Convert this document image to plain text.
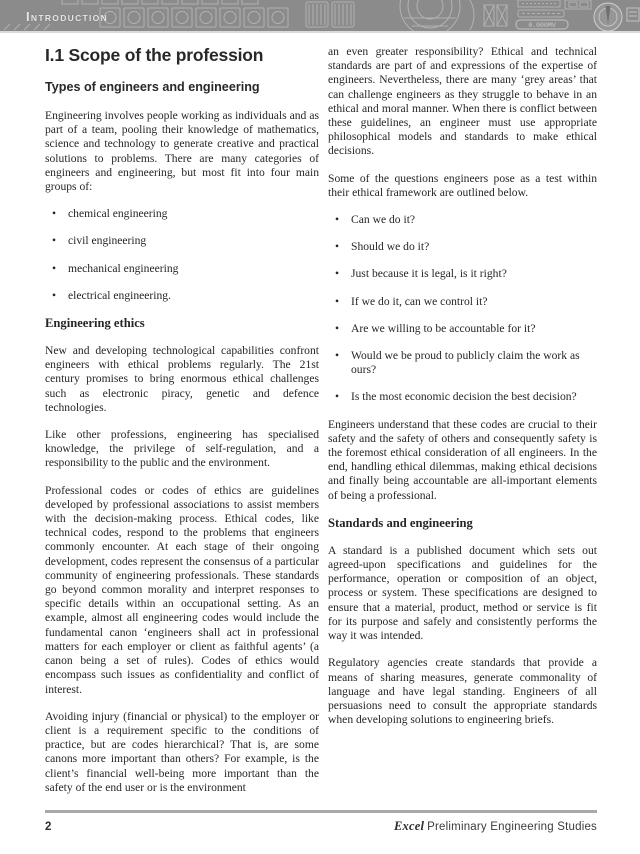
0.000MV
INTRODUCTION
I.1 Scope of the profession
Types of engineers and engineering

Engineering involves people working as individuals and as part of a team, pooling their knowledge of mathematics, science and technology to generate creative and practical solutions to problems. There are many categories of engineers and engineering, but most fit into four main groups of:

• chemical engineering
• civil engineering
• mechanical engineering
• electrical engineering.
Engineering ethics

New and developing technological capabilities confront engineers with ethical problems regularly. The 21st century promises to bring enormous ethical challenges such as electronic piracy, genetic and defence technologies.

Like other professions, engineering has specialised knowledge, the privilege of self-regulation, and a responsibility to the public and the environment.

Professional codes or codes of ethics are guidelines developed by professional associations to assist members with the decision-making process. Ethical codes, like technical codes, respond to the problems that engineers commonly encounter. At each stage of their ongoing development, codes represent the consensus of a particular community of engineering professionals. These standards go beyond common morality and interpret responses to specific details within an occupational setting. As an example, almost all engineering codes would include the fundamental canon ‘engineers shall act in professional matters for each employer or client as faithful agents’ (a canon being a set of rules). Codes of ethics would encompass such issues as confidentiality and conflict of interest.

Avoiding injury (financial or physical) to the employer or client is a requirement specific to the conditions of practice, but are codes hierarchical? That is, are some canons more important than others? For example, is the client’s financial well-being more important than the safety of the end user or is the environment

an even greater responsibility? Ethical and technical standards are part of and expressions of the expertise of engineers. Nevertheless, there are many ‘grey areas’ that can challenge engineers as they struggle to behave in an ethical and moral manner. When there is conflict between these guidelines, an engineer must use appropriate philosophical models and standards to make ethical decisions.

Some of the questions engineers pose as a test within their ethical framework are outlined below.

• Can we do it?
• Should we do it?
• Just because it is legal, is it right?
• If we do it, can we control it?
• Are we willing to be accountable for it?
• Would we be proud to publicly claim the work as ours?
• Is the most economic decision the best decision?

Engineers understand that these codes are crucial to their safety and the safety of others and consequently safety is the foremost ethical consideration of all engineers. In the end, handling ethical dilemmas, making ethical decisions and finally being accountable are all-important elements of being a professional.

Standards and engineering

A standard is a published document which sets out agreed-upon specifications and guidelines for the performance, operation or composition of an object, process or system. These specifications are designed to ensure that a material, product, method or service is fit for its purpose and safely and consistently performs the way it was intended.

Regulatory agencies create standards that provide a means of sharing measures, generate commonality of language and have legal standing. Engineers of all persuasions need to consult the appropriate standards when developing solutions to engineering briefs.

2	Excel Preliminary Engineering Studies
